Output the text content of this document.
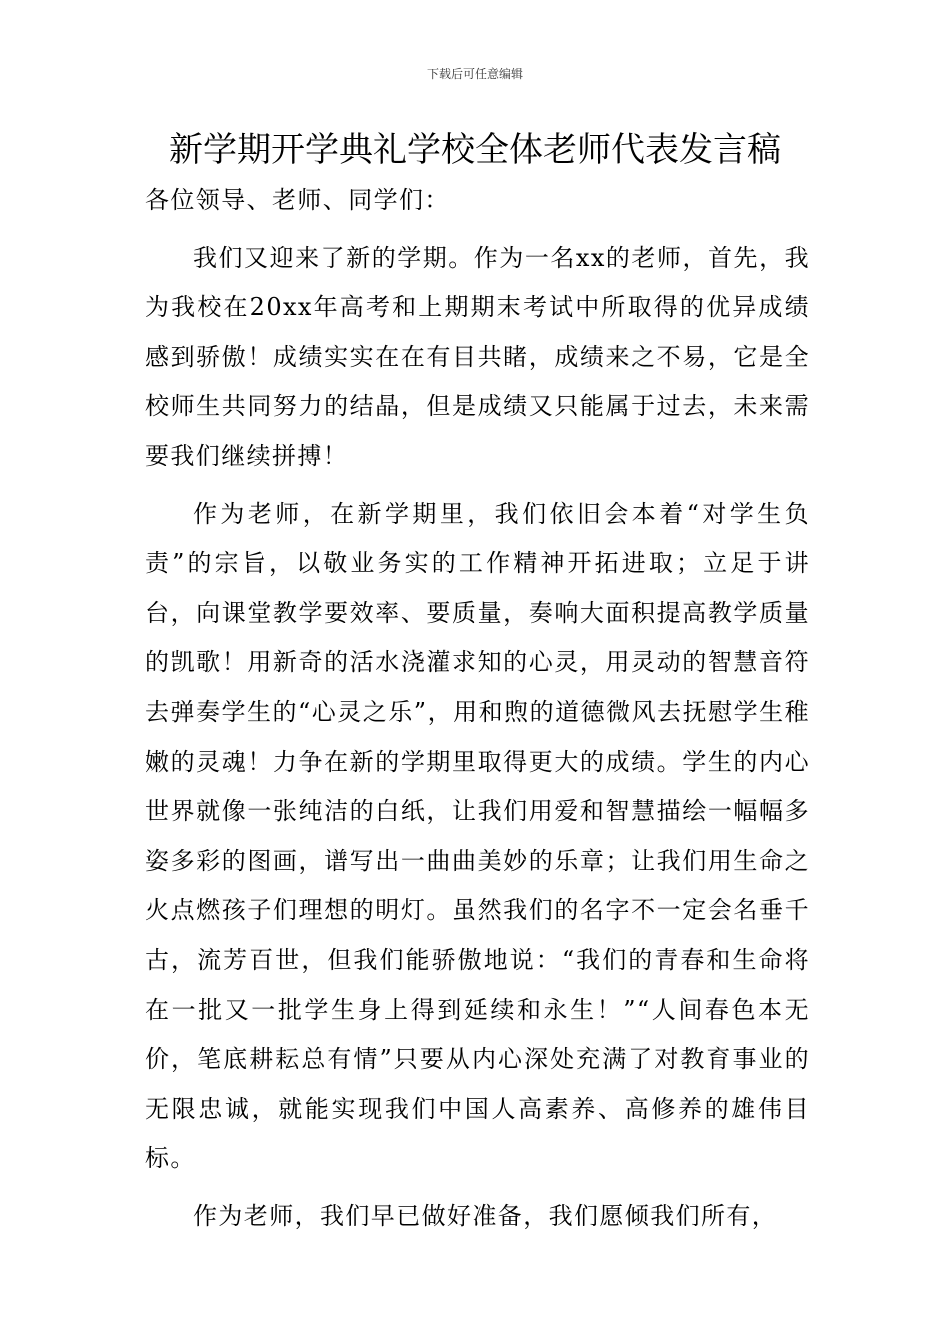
下载后可任意编辑
新学期开学典礼学校全体老师代表发言稿

各位领导、老师、同学们：

我们又迎来了新的学期。作为一名xx的老师，首先，我为我校在20xx年高考和上期期末考试中所取得的优异成绩感到骄傲！成绩实实在在有目共睹，成绩来之不易，它是全校师生共同努力的结晶，但是成绩又只能属于过去，未来需要我们继续拼搏！

作为老师，在新学期里，我们依旧会本着“对学生负责”的宗旨，以敬业务实的工作精神开拓进取；立足于讲台，向课堂教学要效率、要质量，奏响大面积提高教学质量的凯歌！用新奇的活水浇灌求知的心灵，用灵动的智慧音符去弹奏学生的“心灵之乐”，用和煦的道德微风去抚慰学生稚嫩的灵魂！力争在新的学期里取得更大的成绩。学生的内心世界就像一张纯洁的白纸，让我们用爱和智慧描绘一幅幅多姿多彩的图画，谱写出一曲曲美妙的乐章；让我们用生命之火点燃孩子们理想的明灯。虽然我们的名字不一定会名垂千古，流芳百世，但我们能骄傲地说：“我们的青春和生命将在一批又一批学生身上得到延续和永生！”“人间春色本无价，笔底耕耘总有情”只要从内心深处充满了对教育事业的无限忠诚，就能实现我们中国人高素养、高修养的雄伟目标。

作为老师，我们早已做好准备，我们愿倾我们所有，
